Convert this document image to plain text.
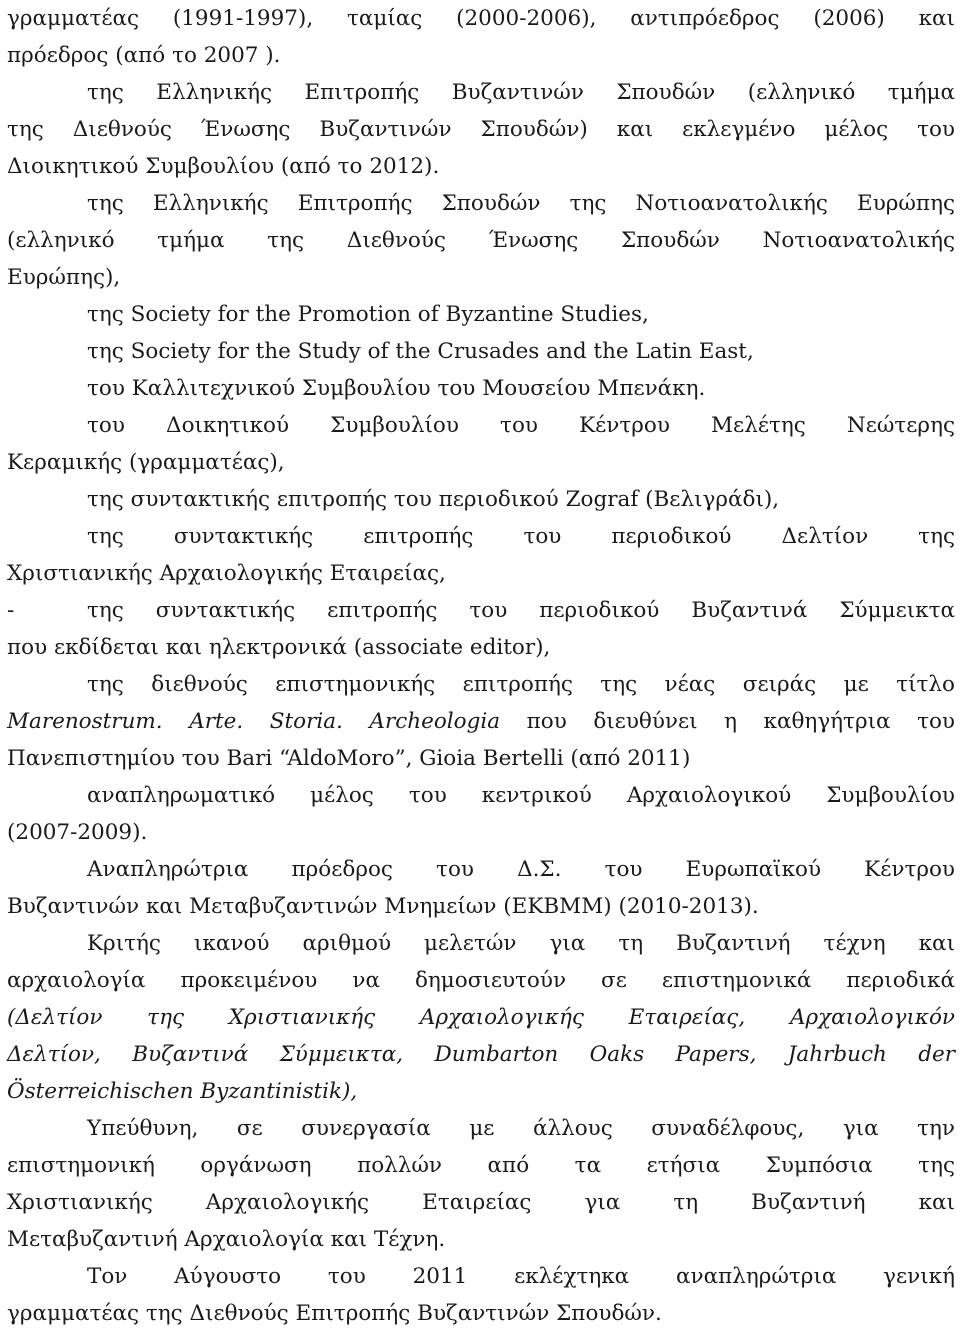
γραμματέας (1991-1997), ταμίας (2000-2006), αντιπρόεδρος (2006) και
πρόεδρος (από το 2007 ).
της Ελληνικής Επιτροπής Βυζαντινών Σπουδών (ελληνικό τμήμα
της Διεθνούς Ένωσης Βυζαντινών Σπουδών) και εκλεγμένο μέλος του
Διοικητικού Συμβουλίου (από το 2012).
της Ελληνικής Επιτροπής Σπουδών της Νοτιοανατολικής Ευρώπης
(ελληνικό τμήμα της Διεθνούς Ένωσης Σπουδών Νοτιοανατολικής
Ευρώπης),
της Society for the Promotion of Byzantine Studies,
της Society for the Study of the Crusades and the Latin East,
του Καλλιτεχνικού Συμβουλίου του Μουσείου Μπενάκη.
του Δοικητικού Συμβουλίου του Κέντρου Μελέτης Νεώτερης
Κεραμικής (γραμματέας),
της συντακτικής επιτροπής του περιοδικού Zograf (Βελιγράδι),
της συντακτικής επιτροπής του περιοδικού Δελτίον της
Χριστιανικής Αρχαιολογικής Εταιρείας,
-	της συντακτικής επιτροπής του περιοδικού Βυζαντινά Σύμμεικτα
που εκδίδεται και ηλεκτρονικά (associate editor),
της διεθνούς επιστημονικής επιτροπής της νέας σειράς με τίτλο
Marenostrum. Arte. Storia. Archeologia που διευθύνει η καθηγήτρια του
Πανεπιστημίου του Bari “AldoMoro”, Gioia Bertelli (από 2011)
αναπληρωματικό μέλος του κεντρικού Αρχαιολογικού Συμβουλίου
(2007-2009).
Αναπληρώτρια πρόεδρος του Δ.Σ. του Ευρωπαϊκού Κέντρου
Βυζαντινών και Μεταβυζαντινών Μνημείων (ΕΚΒΜΜ) (2010-2013).
Κριτής ικανού αριθμού μελετών για τη Βυζαντινή τέχνη και
αρχαιολογία προκειμένου να δημοσιευτούν σε επιστημονικά περιοδικά
(Δελτίον της Χριστιανικής Αρχαιολογικής Εταιρείας, Αρχαιολογικόν
Δελτίον, Βυζαντινά Σύμμεικτα, Dumbarton Oaks Papers, Jahrbuch der
Österreichischen Byzantinistik),
Υπεύθυνη, σε συνεργασία με άλλους συναδέλφους, για την
επιστημονική οργάνωση πολλών από τα ετήσια Συμπόσια της
Χριστιανικής Αρχαιολογικής Εταιρείας για τη Βυζαντινή και
Μεταβυζαντινή Αρχαιολογία και Τέχνη.
Τον Αύγουστο του 2011 εκλέχτηκα αναπληρώτρια γενική
γραμματέας της Διεθνούς Επιτροπής Βυζαντινών Σπουδών.
